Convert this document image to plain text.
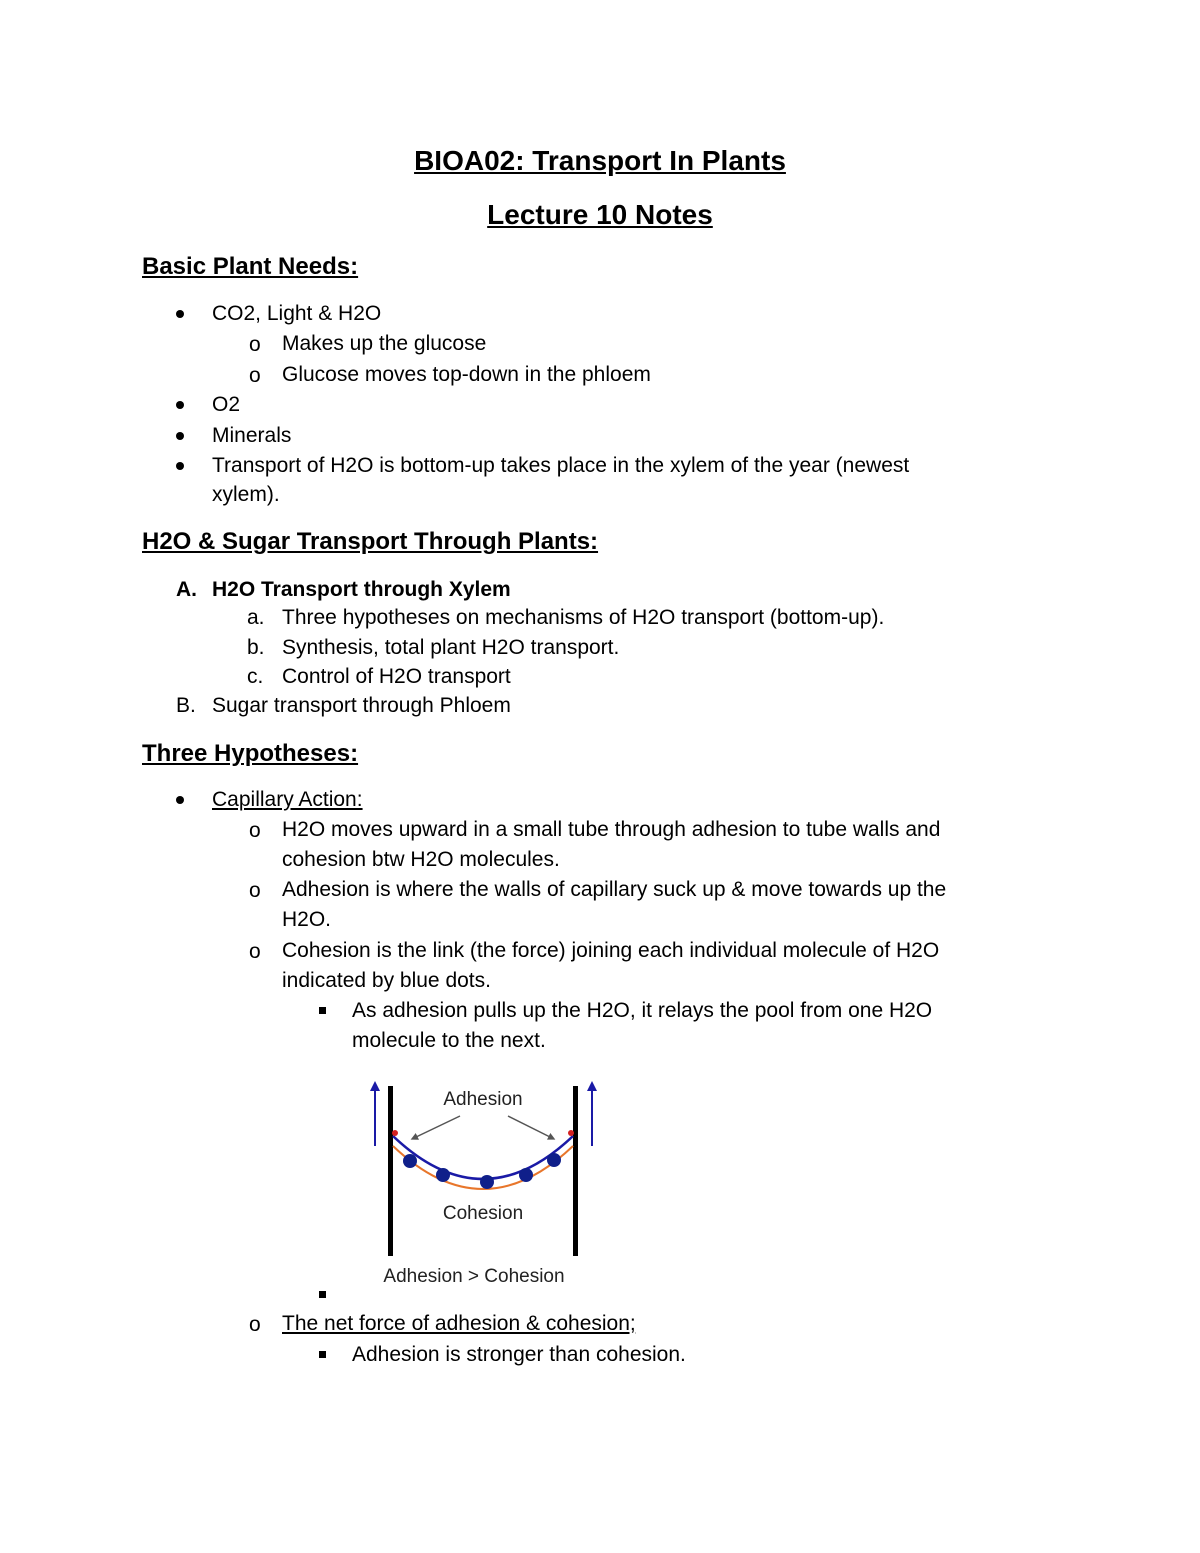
BIOA02: Transport In Plants
Lecture 10 Notes
Basic Plant Needs:
CO2, Light & H2O
o Makes up the glucose
o Glucose moves top-down in the phloem
O2
Minerals
Transport of H2O is bottom-up takes place in the xylem of the year (newest
xylem).
H2O & Sugar Transport Through Plants:
A. H2O Transport through Xylem
a. Three hypotheses on mechanisms of H2O transport (bottom-up).
b. Synthesis, total plant H2O transport.
c. Control of H2O transport
B. Sugar transport through Phloem
Three Hypotheses:
Capillary Action:
o H2O moves upward in a small tube through adhesion to tube walls and
cohesion btw H2O molecules.
o Adhesion is where the walls of capillary suck up & move towards up the
H2O.
o Cohesion is the link (the force) joining each individual molecule of H2O
indicated by blue dots.
As adhesion pulls up the H2O, it relays the pool from one H2O
molecule to the next.
Adhesion
Cohesion
Adhesion > Cohesion
o The net force of adhesion & cohesion;
Adhesion is stronger than cohesion.
